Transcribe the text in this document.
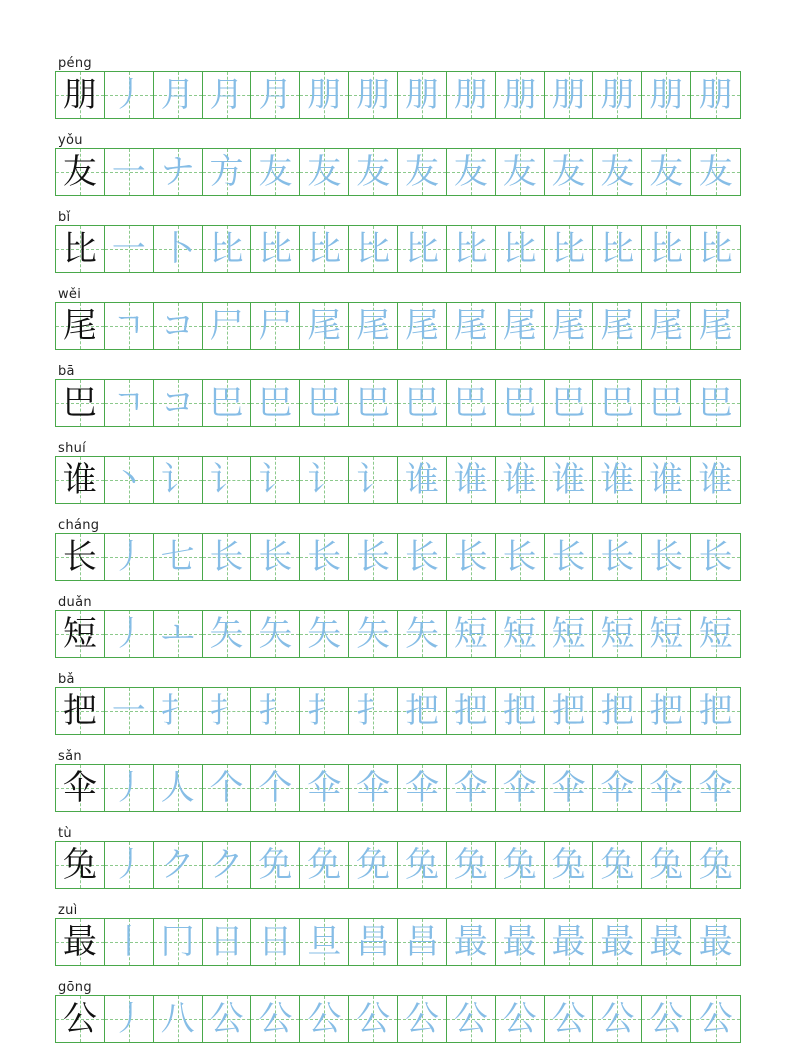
péng
朋 丿 月 月 月 朋 朋 朋 朋 朋 朋 朋 朋 朋
yǒu
友 一 ナ 方 友 友 友 友 友 友 友 友 友 友
bǐ
比 一 卜 比 比 比 比 比 比 比 比 比 比 比
wěi
尾 ㄱ コ 尸 尸 尾 尾 尾 尾 尾 尾 尾 尾 尾
bā
巴 ㄱ コ 巴 巴 巴 巴 巴 巴 巴 巴 巴 巴 巴
shuí
谁 丶 讠 讠 讠 讠 讠 谁 谁 谁 谁 谁 谁 谁
cháng
长 丿 七 长 长 长 长 长 长 长 长 长 长 长
duǎn
短 丿 ㅗ 矢 矢 矢 矢 矢 短 短 短 短 短 短
bǎ
把 一 扌 扌 扌 扌 扌 把 把 把 把 把 把 把
sǎn
伞 丿 人 个 个 伞 伞 伞 伞 伞 伞 伞 伞 伞
tù
兔 丿 ク ク 免 免 免 兔 兔 兔 兔 兔 兔 兔
zuì
最 丨 冂 日 日 旦 昌 昌 最 最 最 最 最 最
gōng
公 丿 八 公 公 公 公 公 公 公 公 公 公 公
